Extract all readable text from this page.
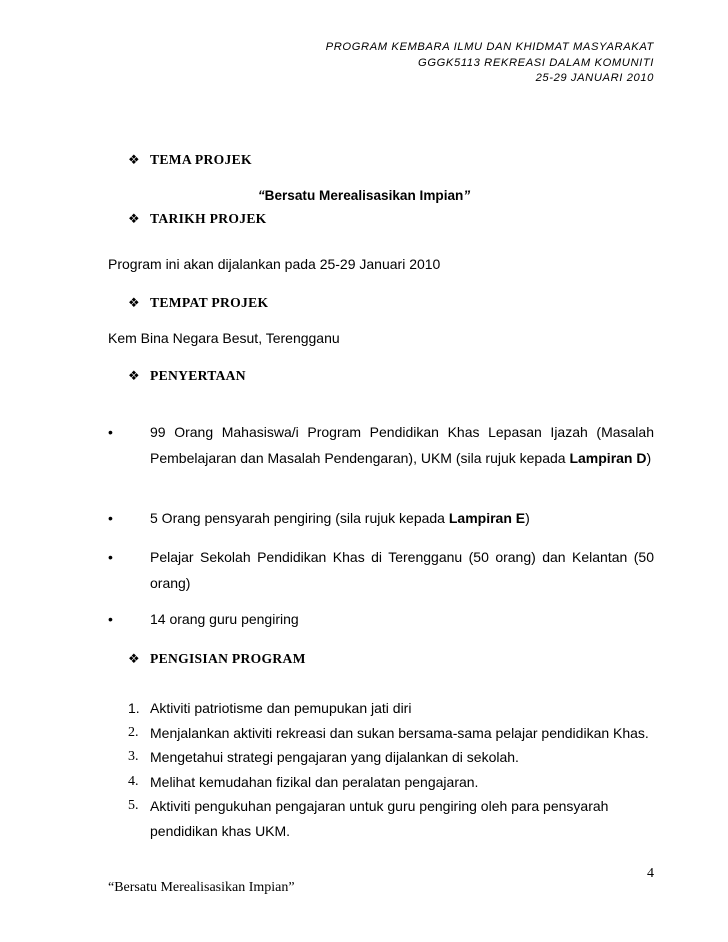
PROGRAM KEMBARA ILMU DAN KHIDMAT MASYARAKAT
GGGK5113 REKREASI DALAM KOMUNITI
25-29 JANUARI 2010
❖ TEMA PROJEK
“Bersatu Merealisasikan Impian”
❖ TARIKH PROJEK
Program ini akan dijalankan pada 25-29 Januari 2010
❖ TEMPAT PROJEK
Kem Bina Negara Besut, Terengganu
❖ PENYERTAAN
•	99 Orang Mahasiswa/i Program Pendidikan Khas Lepasan Ijazah (Masalah Pembelajaran dan Masalah Pendengaran), UKM (sila rujuk kepada Lampiran D)
•	5 Orang pensyarah pengiring (sila rujuk kepada Lampiran E)
•	Pelajar Sekolah Pendidikan Khas di Terengganu (50 orang) dan Kelantan (50 orang)
•	14 orang guru pengiring
❖ PENGISIAN PROGRAM
1. Aktiviti patriotisme dan pemupukan jati diri
2. Menjalankan aktiviti rekreasi dan sukan bersama-sama pelajar pendidikan Khas.
3. Mengetahui strategi pengajaran yang dijalankan di sekolah.
4. Melihat kemudahan fizikal dan peralatan pengajaran.
5. Aktiviti pengukuhan pengajaran untuk guru pengiring oleh para pensyarah pendidikan khas UKM.
4
“Bersatu Merealisasikan Impian”
